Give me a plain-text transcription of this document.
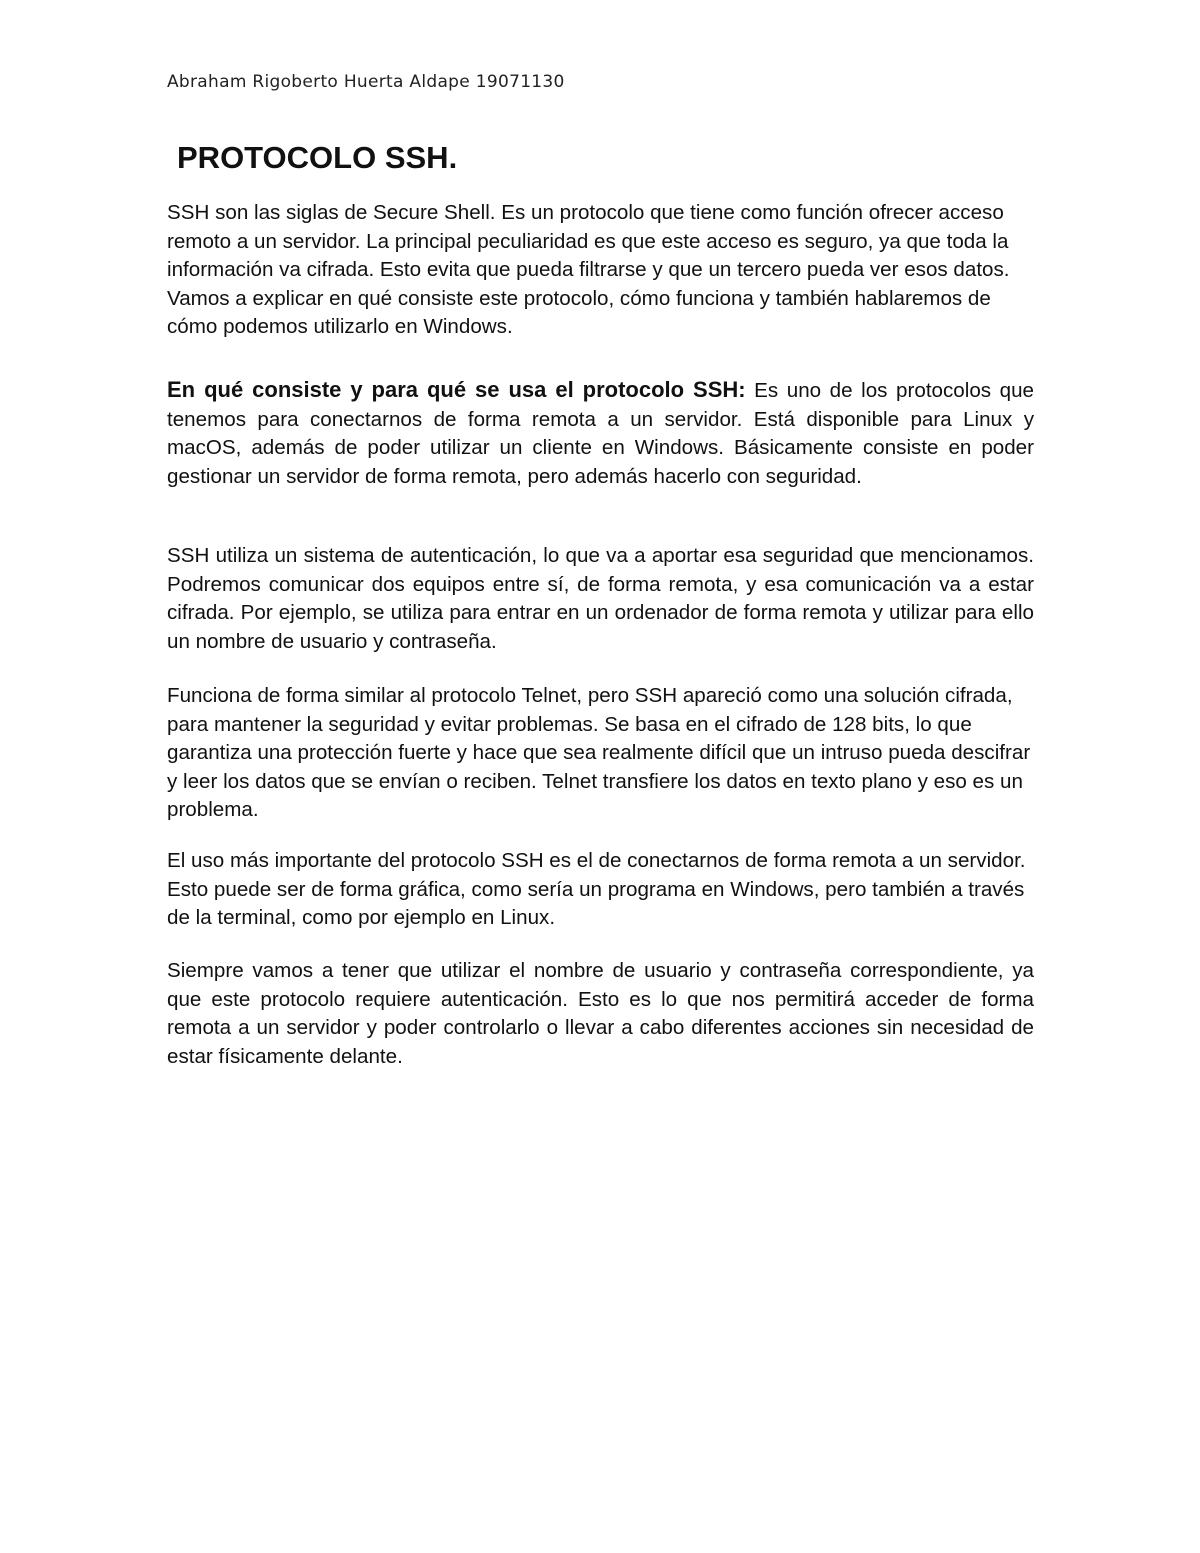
Abraham Rigoberto Huerta Aldape 19071130
PROTOCOLO SSH.

SSH son las siglas de Secure Shell. Es un protocolo que tiene como función ofrecer acceso remoto a un servidor. La principal peculiaridad es que este acceso es seguro, ya que toda la información va cifrada. Esto evita que pueda filtrarse y que un tercero pueda ver esos datos. Vamos a explicar en qué consiste este protocolo, cómo funciona y también hablaremos de cómo podemos utilizarlo en Windows.

En qué consiste y para qué se usa el protocolo SSH: Es uno de los protocolos que tenemos para conectarnos de forma remota a un servidor. Está disponible para Linux y macOS, además de poder utilizar un cliente en Windows. Básicamente consiste en poder gestionar un servidor de forma remota, pero además hacerlo con seguridad.

SSH utiliza un sistema de autenticación, lo que va a aportar esa seguridad que mencionamos. Podremos comunicar dos equipos entre sí, de forma remota, y esa comunicación va a estar cifrada. Por ejemplo, se utiliza para entrar en un ordenador de forma remota y utilizar para ello un nombre de usuario y contraseña.

Funciona de forma similar al protocolo Telnet, pero SSH apareció como una solución cifrada, para mantener la seguridad y evitar problemas. Se basa en el cifrado de 128 bits, lo que garantiza una protección fuerte y hace que sea realmente difícil que un intruso pueda descifrar y leer los datos que se envían o reciben. Telnet transfiere los datos en texto plano y eso es un problema.

El uso más importante del protocolo SSH es el de conectarnos de forma remota a un servidor. Esto puede ser de forma gráfica, como sería un programa en Windows, pero también a través de la terminal, como por ejemplo en Linux.

Siempre vamos a tener que utilizar el nombre de usuario y contraseña correspondiente, ya que este protocolo requiere autenticación. Esto es lo que nos permitirá acceder de forma remota a un servidor y poder controlarlo o llevar a cabo diferentes acciones sin necesidad de estar físicamente delante.
